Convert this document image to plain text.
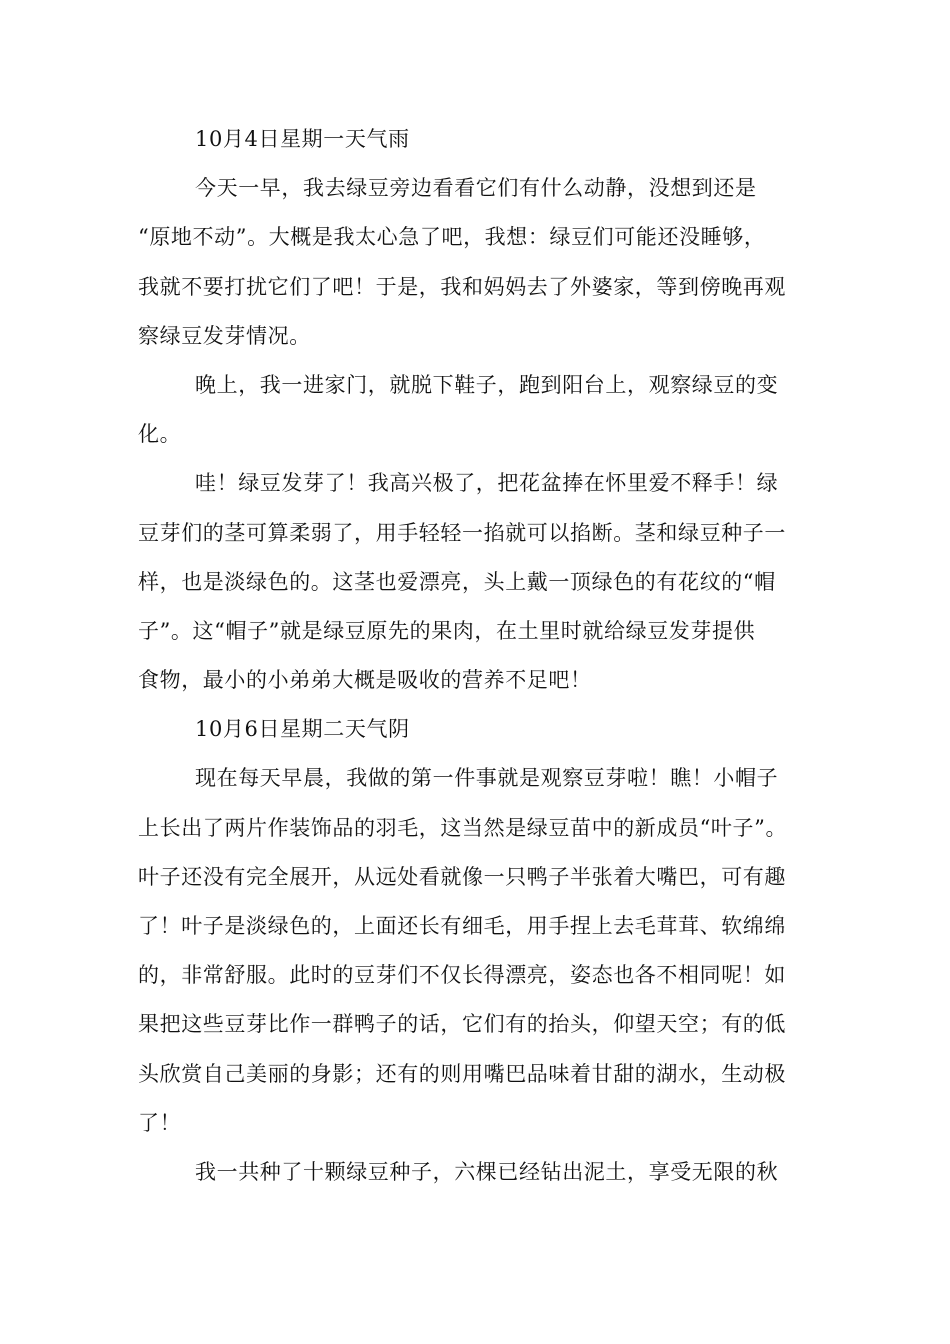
10月4日星期一天气雨
今天一早，我去绿豆旁边看看它们有什么动静，没想到还是
“原地不动”。大概是我太心急了吧，我想：绿豆们可能还没睡够，
我就不要打扰它们了吧！于是，我和妈妈去了外婆家，等到傍晚再观
察绿豆发芽情况。
晚上，我一进家门，就脱下鞋子，跑到阳台上，观察绿豆的变
化。
哇！绿豆发芽了！我高兴极了，把花盆捧在怀里爱不释手！绿
豆芽们的茎可算柔弱了，用手轻轻一掐就可以掐断。茎和绿豆种子一
样，也是淡绿色的。这茎也爱漂亮，头上戴一顶绿色的有花纹的“帽
子”。这“帽子”就是绿豆原先的果肉，在土里时就给绿豆发芽提供
食物，最小的小弟弟大概是吸收的营养不足吧！
10月6日星期二天气阴
现在每天早晨，我做的第一件事就是观察豆芽啦！瞧！小帽子
上长出了两片作装饰品的羽毛，这当然是绿豆苗中的新成员“叶子”。
叶子还没有完全展开，从远处看就像一只鸭子半张着大嘴巴，可有趣
了！叶子是淡绿色的，上面还长有细毛，用手捏上去毛茸茸、软绵绵
的，非常舒服。此时的豆芽们不仅长得漂亮，姿态也各不相同呢！如
果把这些豆芽比作一群鸭子的话，它们有的抬头，仰望天空；有的低
头欣赏自己美丽的身影；还有的则用嘴巴品味着甘甜的湖水，生动极
了！
我一共种了十颗绿豆种子，六棵已经钻出泥土，享受无限的秋
